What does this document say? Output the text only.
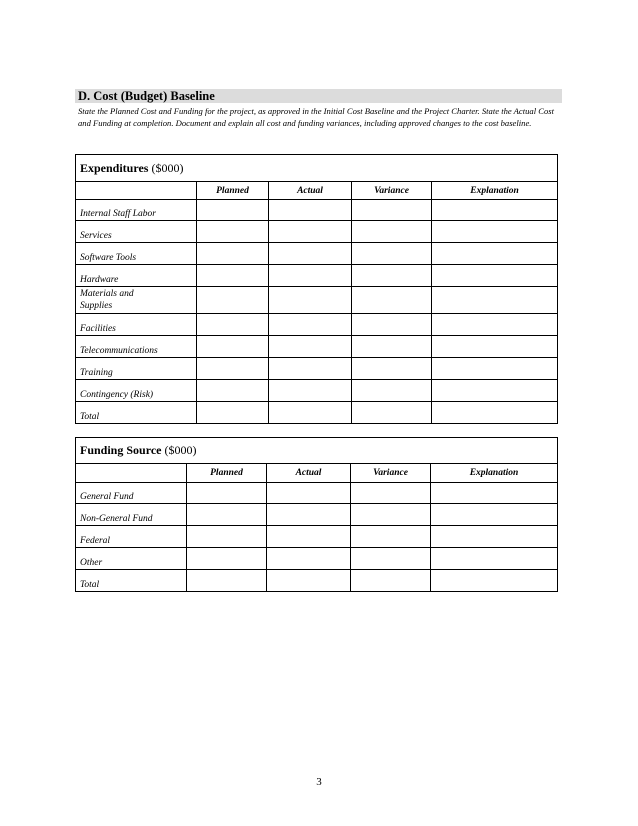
D. Cost (Budget) Baseline
State the Planned Cost and Funding for the project, as approved in the Initial Cost Baseline and the Project Charter. State the Actual Cost and Funding at completion. Document and explain all cost and funding variances, including approved changes to the cost baseline.
Expenditures ($000)				
	Planned	Actual	Variance	Explanation
Internal Staff Labor				
Services				
Software Tools				
Hardware				

Materials and Supplies				

Facilities				
Telecommunications				
Training				
Contingency (Risk)				
Total				
Funding Source ($000)				
	Planned	Actual	Variance	Explanation
General Fund				
Non-General Fund				
Federal				
Other				
Total				
3
